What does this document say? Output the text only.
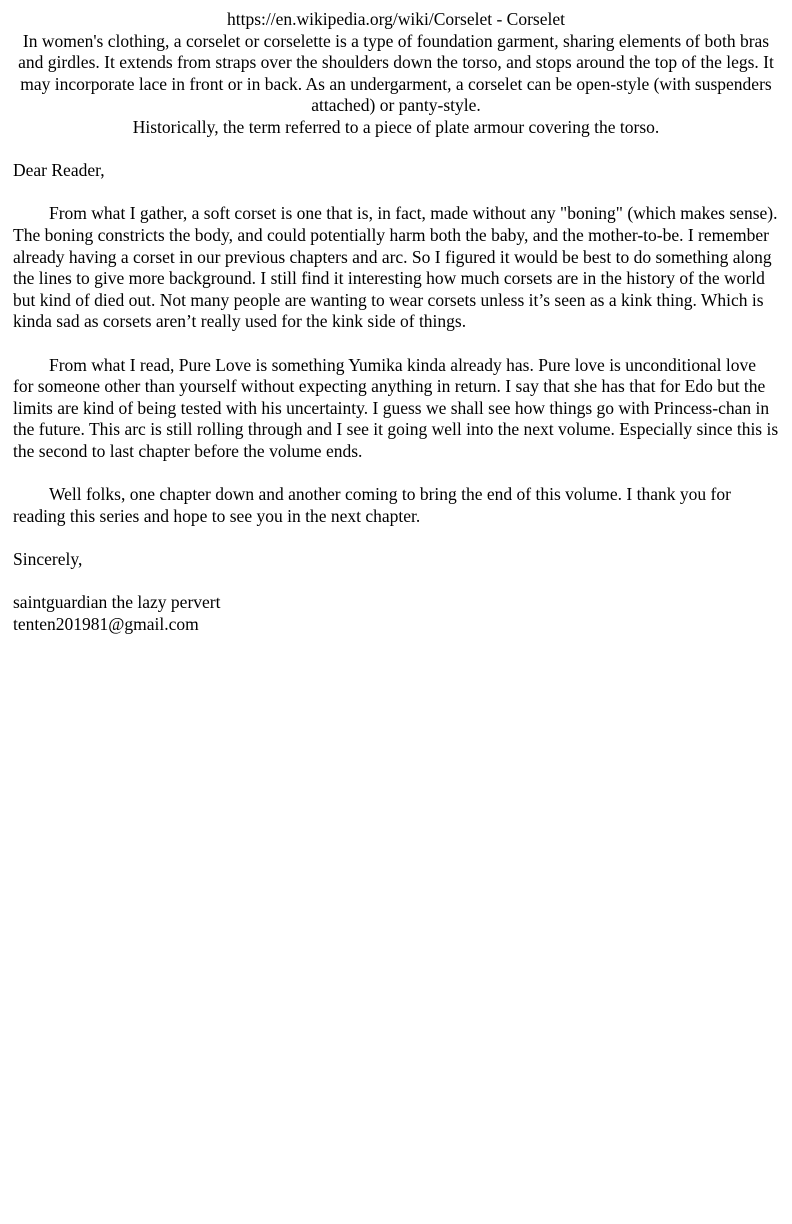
https://en.wikipedia.org/wiki/Corselet - Corselet

In women's clothing, a corselet or corselette is a type of foundation garment, sharing elements of both bras and girdles. It extends from straps over the shoulders down the torso, and stops around the top of the legs. It may incorporate lace in front or in back. As an undergarment, a corselet can be open-style (with suspenders attached) or panty-style.

Historically, the term referred to a piece of plate armour covering the torso.

Dear Reader,

From what I gather, a soft corset is one that is, in fact, made without any "boning" (which makes sense). The boning constricts the body, and could potentially harm both the baby, and the mother-to-be. I remember already having a corset in our previous chapters and arc. So I figured it would be best to do something along the lines to give more background. I still find it interesting how much corsets are in the history of the world but kind of died out. Not many people are wanting to wear corsets unless it’s seen as a kink thing. Which is kinda sad as corsets aren’t really used for the kink side of things.

From what I read, Pure Love is something Yumika kinda already has. Pure love is unconditional love for someone other than yourself without expecting anything in return. I say that she has that for Edo but the limits are kind of being tested with his uncertainty. I guess we shall see how things go with Princess-chan in the future. This arc is still rolling through and I see it going well into the next volume. Especially since this is the second to last chapter before the volume ends.

Well folks, one chapter down and another coming to bring the end of this volume. I thank you for reading this series and hope to see you in the next chapter.

Sincerely,

saintguardian the lazy pervert

tenten201981@gmail.com
